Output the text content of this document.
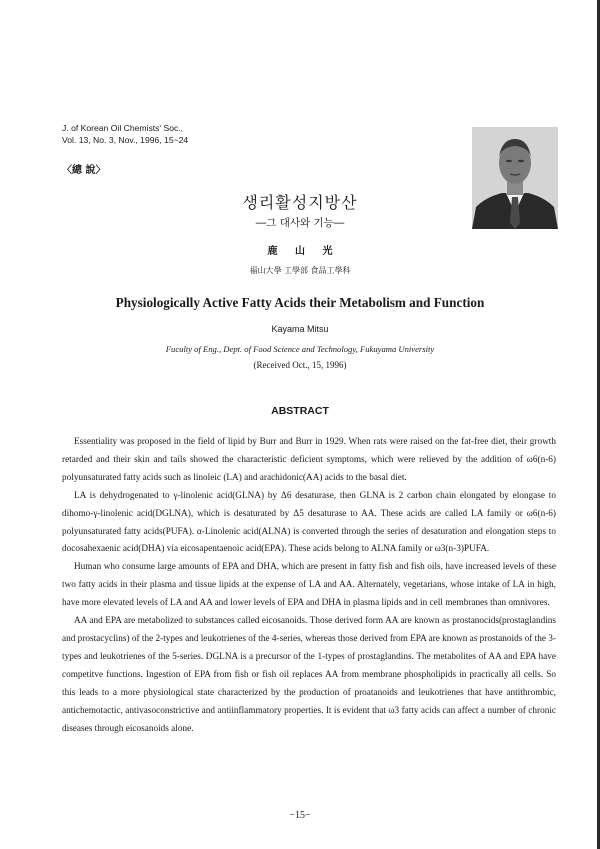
J. of Korean Oil Chemists' Soc.,
Vol. 13, No. 3, Nov., 1996, 15~24
〈總 說〉
생리활성지방산
―그 대사와 기능―
鹿 山 光
福山大學 工學部 食品工學科
Physiologically Active Fatty Acids their Metabolism and Function
Kayama Mitsu
Fuculty of Eng., Dept. of Food Science and Technology, Fukuyama University
(Received Oct., 15, 1996)
ABSTRACT

Essentiality was proposed in the field of lipid by Burr and Burr in 1929. When rats were raised on the fat-free diet, their growth retarded and their skin and tails showed the characteristic deficient symptoms, which were relieved by the addition of ω6(n-6) polyunsaturated fatty acids such as linoleic (LA) and arachidonic(AA) acids to the basal diet.

LA is dehydrogenated to γ-linolenic acid(GLNA) by Δ6 desaturase, then GLNA is 2 carbon chain elongated by elongase to dihomo-γ-linolenic acid(DGLNA), which is desaturated by Δ5 desaturase to AA. These acids are called LA family or ω6(n-6) polyunsaturated fatty acids(PUFA). α-Linolenic acid(ALNA) is converted through the series of desaturation and elongation steps to docosahexaenic acid(DHA) via eicosapentaenoic acid(EPA). These acids belong to ALNA family or ω3(n-3)PUFA.

Human who consume large amounts of EPA and DHA, which are present in fatty fish and fish oils, have increased levels of these two fatty acids in their plasma and tissue lipids at the expense of LA and AA. Alternately, vegetarians, whose intake of LA in high, have more elevated levels of LA and AA and lower levels of EPA and DHA in plasma lipids and in cell membranes than omnivores.

AA and EPA are metabolized to substances called eicosanoids. Those derived form AA are known as prostanocids(prostaglandins and prostacyclins) of the 2-types and leukotrienes of the 4-series, whereas those derived from EPA are known as prostanoids of the 3-types and leukotrienes of the 5-series. DGLNA is a precursor of the 1-types of prostaglandins. The metabolites of AA and EPA have competitve functions. Ingestion of EPA from fish or fish oil replaces AA from membrane phospholipids in practically all cells. So this leads to a more physiological state characterized by the production of proatanoids and leukotrienes that have antithrombic, antichemotactic, antivasoconstrictive and antiinflammatory properties. It is evident that ω3 fatty acids can affect a number of chronic diseases through eicosanoids alone.

−15−
